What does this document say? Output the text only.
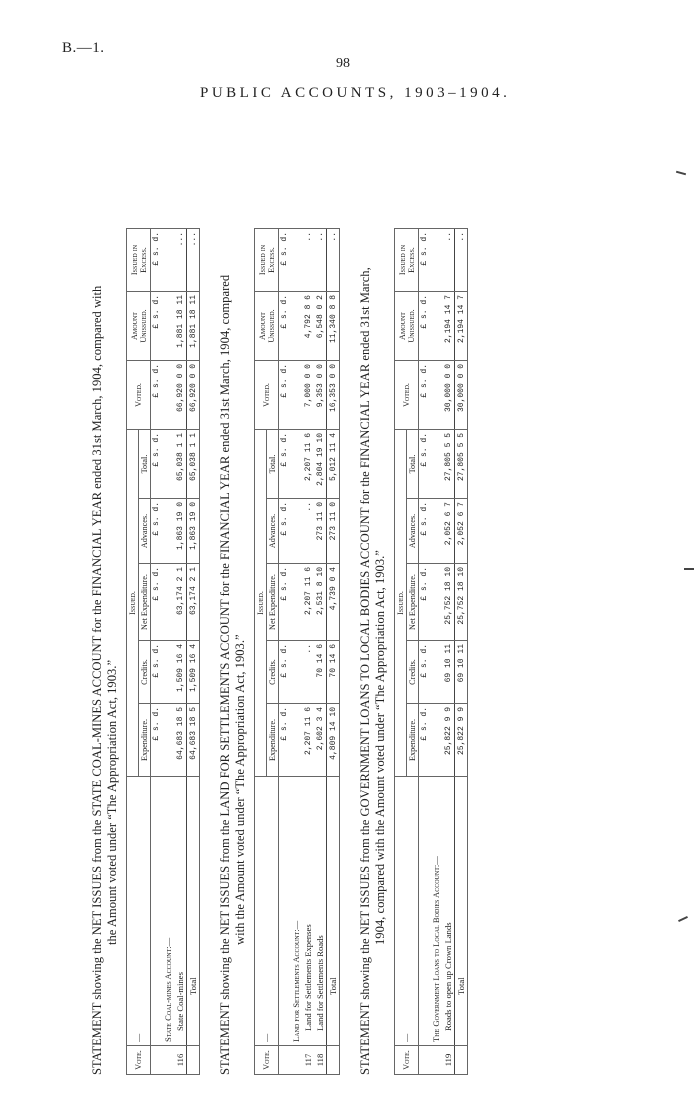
B.—1.
98
PUBLIC ACCOUNTS, 1903–1904.
STATEMENT showing the NET ISSUES from the STATE COAL-MINES ACCOUNT for the FINANCIAL YEAR ended 31st March, 1904, compared with the Amount voted under “The Appropriation Act, 1903.”
Vote.	—	Issued.					Voted.	Amount Unissued.	Issued in Excess.
		Expenditure.	Credits.	Net Expenditure.	Advances.	Total.			
		£ s. d.	£ s. d.	£ s. d.	£ s. d.	£ s. d.	£ s. d.	£ s. d.	£ s. d.
	State Coal-mines Account:—								
116	State Coal-mines	64,683 18 5	1,509 16 4	63,174 2 1	1,863 19 0	65,038 1 1	66,920 0 0	1,881 18 11	...
	Total	64,683 18 5	1,509 16 4	63,174 2 1	1,863 19 0	65,038 1 1	66,920 0 0	1,881 18 11	...
STATEMENT showing the NET ISSUES from the LAND FOR SETTLEMENTS ACCOUNT for the FINANCIAL YEAR ended 31st March, 1904, compared with the Amount voted under “The Appropriation Act, 1903.”
Vote.	—	Issued.					Voted.	Amount Unissued.	Issued in Excess.
		Expenditure.	Credits.	Net Expenditure.	Advances.	Total.			
		£ s. d.	£ s. d.	£ s. d.	£ s. d.	£ s. d.	£ s. d.	£ s. d.	£ s. d.
	Land for Settlements Account:—								
117	Land for Settlements Expenses	2,207 11 6	..	2,207 11 6	..	2,207 11 6	7,000 0 0	4,792 8 6	..
118	Land for Settlements Roads	2,602 3 4	70 14 6	2,531 8 10	273 11 0	2,804 19 10	9,353 0 0	6,548 0 2	..
	Total	4,809 14 10	70 14 6	4,739 0 4	273 11 0	5,012 11 4	16,353 0 0	11,340 8 8	..
STATEMENT showing the NET ISSUES from the GOVERNMENT LOANS TO LOCAL BODIES ACCOUNT for the FINANCIAL YEAR ended 31st March, 1904, compared with the Amount voted under “The Appropriation Act, 1903.”
Vote.	—	Issued.					Voted.	Amount Unissued.	Issued in Excess.
		Expenditure.	Credits.	Net Expenditure.	Advances.	Total.			
		£ s. d.	£ s. d.	£ s. d.	£ s. d.	£ s. d.	£ s. d.	£ s. d.	£ s. d.
	The Government Loans to Local Bodies Account:—								
119	Roads to open up Crown Lands	25,822 9 9	69 10 11	25,752 18 10	2,052 6 7	27,805 5 5	30,000 0 0	2,194 14 7	..
	Total	25,822 9 9	69 10 11	25,752 18 10	2,052 6 7	27,805 5 5	30,000 0 0	2,194 14 7	..
